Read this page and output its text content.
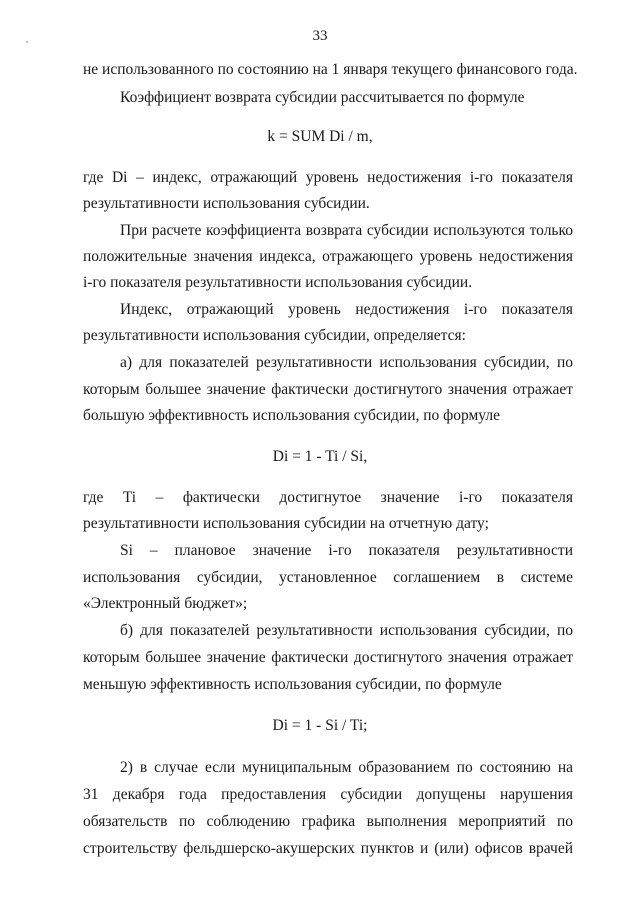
33
не использованного по состоянию на 1 января текущего финансового года.
Коэффициент возврата субсидии рассчитывается по формуле
k = SUM Di / m,
где Di – индекс, отражающий уровень недостижения i-го показателя
результативности использования субсидии.
При расчете коэффициента возврата субсидии используются только
положительные значения индекса, отражающего уровень недостижения
i-го показателя результативности использования субсидии.
Индекс, отражающий уровень недостижения i-го показателя
результативности использования субсидии, определяется:
а) для показателей результативности использования субсидии, по
которым большее значение фактически достигнутого значения отражает
большую эффективность использования субсидии, по формуле
Di = 1 - Ti / Si,
где Ti – фактически достигнутое значение i-го показателя
результативности использования субсидии на отчетную дату;
Si – плановое значение i-го показателя результативности
использования субсидии, установленное соглашением в системе
«Электронный бюджет»;
б) для показателей результативности использования субсидии, по
которым большее значение фактически достигнутого значения отражает
меньшую эффективность использования субсидии, по формуле
Di = 1 - Si / Ti;
2) в случае если муниципальным образованием по состоянию на
31 декабря года предоставления субсидии допущены нарушения
обязательств по соблюдению графика выполнения мероприятий по
строительству фельдшерско-акушерских пунктов и (или) офисов врачей
